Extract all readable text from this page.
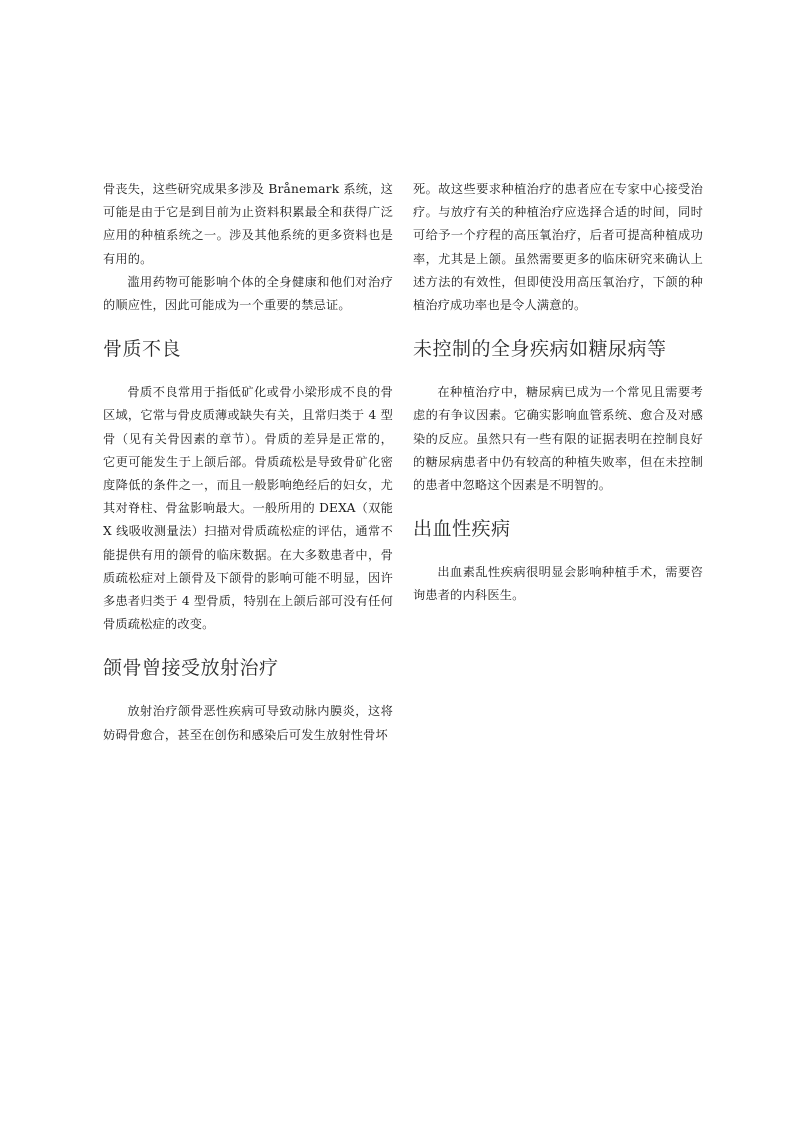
骨丧失，这些研究成果多涉及 Brånemark 系统，这可能是由于它是到目前为止资料积累最全和获得广泛应用的种植系统之一。涉及其他系统的更多资料也是有用的。

滥用药物可能影响个体的全身健康和他们对治疗的顺应性，因此可能成为一个重要的禁忌证。

骨质不良

骨质不良常用于指低矿化或骨小梁形成不良的骨区域，它常与骨皮质薄或缺失有关，且常归类于 4 型骨（见有关骨因素的章节）。骨质的差异是正常的，它更可能发生于上颌后部。骨质疏松是导致骨矿化密度降低的条件之一，而且一般影响绝经后的妇女，尤其对脊柱、骨盆影响最大。一般所用的 DEXA（双能 X 线吸收测量法）扫描对骨质疏松症的评估，通常不能提供有用的颌骨的临床数据。在大多数患者中，骨质疏松症对上颌骨及下颌骨的影响可能不明显，因许多患者归类于 4 型骨质，特别在上颌后部可没有任何骨质疏松症的改变。

颌骨曾接受放射治疗

放射治疗颌骨恶性疾病可导致动脉内膜炎，这将妨碍骨愈合，甚至在创伤和感染后可发生放射性骨坏

死。故这些要求种植治疗的患者应在专家中心接受治疗。与放疗有关的种植治疗应选择合适的时间，同时可给予一个疗程的高压氧治疗，后者可提高种植成功率，尤其是上颌。虽然需要更多的临床研究来确认上述方法的有效性，但即使没用高压氧治疗，下颌的种植治疗成功率也是令人满意的。

未控制的全身疾病如糖尿病等

在种植治疗中，糖尿病已成为一个常见且需要考虑的有争议因素。它确实影响血管系统、愈合及对感染的反应。虽然只有一些有限的证据表明在控制良好的糖尿病患者中仍有较高的种植失败率，但在未控制的患者中忽略这个因素是不明智的。

出血性疾病

出血素乱性疾病很明显会影响种植手术，需要咨询患者的内科医生。
